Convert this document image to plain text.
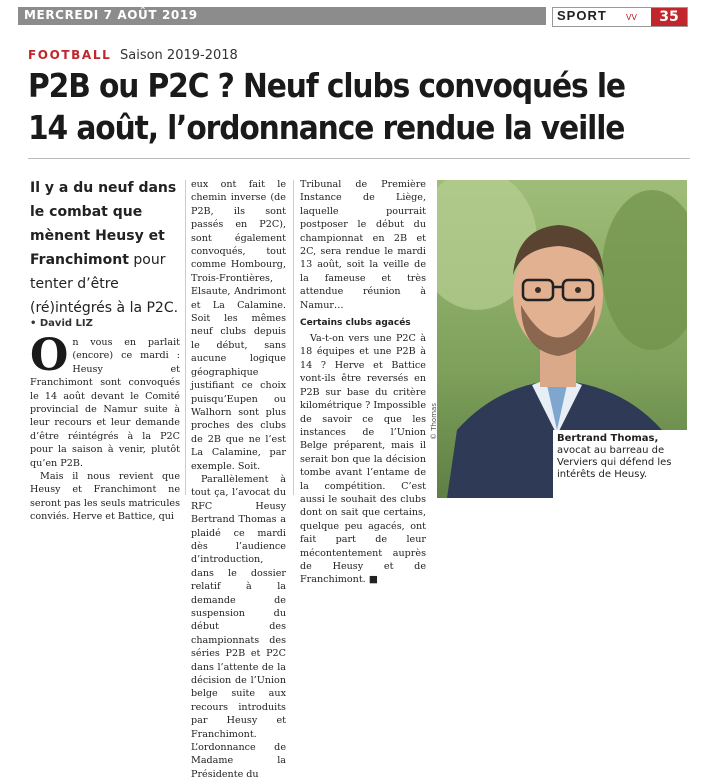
MERCREDI 7 AOÛT 2019	SPORT VV	35
FOOTBALL Saison 2019-2018
P2B ou P2C ? Neuf clubs convoqués le
14 août, l’ordonnance rendue la veille
Il y a du neuf dans le combat que mènent Heusy et Franchimont pour tenter d’être (ré)intégrés à la P2C.
• David LIZ

On vous en parlait (encore) ce mardi : Heusy et Franchimont sont convoqués le 14 août devant le Comité provincial de Namur suite à leur recours et leur demande d’être réintégrés à la P2C pour la saison à venir, plutôt qu’en P2B.

Mais il nous revient que Heusy et Franchimont ne seront pas les seuls matricules conviés. Herve et Battice, qui

eux ont fait le chemin inverse (de P2B, ils sont passés en P2C), sont également convoqués, tout comme Hombourg, Trois-Frontières, Elsaute, Andrimont et La Calamine. Soit les mêmes neuf clubs depuis le début, sans aucune logique géographique justifiant ce choix puisqu’Eupen ou Walhorn sont plus proches des clubs de 2B que ne l’est La Calamine, par exemple. Soit.

Parallèlement à tout ça, l’avocat du RFC Heusy Bertrand Thomas a plaidé ce mardi dès l’audience d’introduction, dans le dossier relatif à la demande de suspension du début des championnats des séries P2B et P2C dans l’attente de la décision de l’Union belge suite aux recours introduits par Heusy et Franchimont. L’ordonnance de Madame la Présidente du

Tribunal de Première Instance de Liège, laquelle pourrait postposer le début du championnat en 2B et 2C, sera rendue le mardi 13 août, soit la veille de la fameuse et très attendue réunion à Namur…

Certains clubs agacés

Va-t-on vers une P2C à 18 équipes et une P2B à 14 ? Herve et Battice vont-ils être reversés en P2B sur base du critère kilométrique ? Impossible de savoir ce que les instances de l’Union Belge préparent, mais il serait bon que la décision tombe avant l’entame de la compétition. C’est aussi le souhait des clubs dont on sait que certains, quelque peu agacés, ont fait part de leur mécontentement auprès de Heusy et de Franchimont. ■

© Thomas	Bertrand Thomas, avocat au barreau de Verviers qui défend les intérêts de Heusy.
